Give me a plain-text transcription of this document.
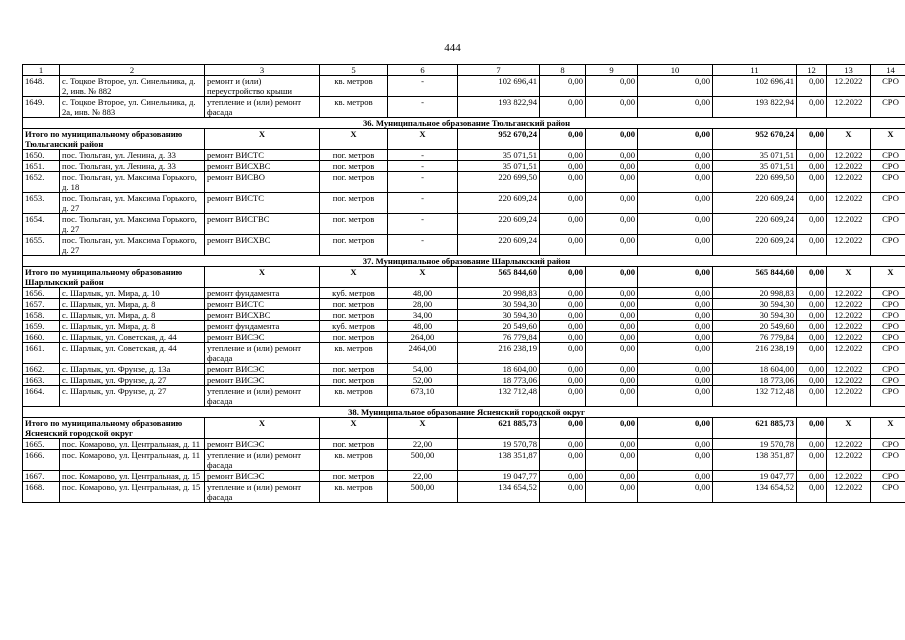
444
1	2	3	5	6	7	8	9	10	11	12	13	14
1648.	с. Тоцкое Второе, ул. Синельника, д. 2, инв. № 882	ремонт и (или) переустройство крыши	кв. метров	-	102 696,41	0,00	0,00	0,00	102 696,41	0,00	12.2022	СРО
1649.	с. Тоцкое Второе, ул. Синельника, д. 2а, инв. № 883	утепление и (или) ремонт фасада	кв. метров	-	193 822,94	0,00	0,00	0,00	193 822,94	0,00	12.2022	СРО
36. Муниципальное образование Тюльганский район												
Итого по муниципальному образованию Тюльганский район		Х	Х	Х	952 670,24	0,00	0,00	0,00	952 670,24	0,00	Х	Х
1650.	пос. Тюльган, ул. Ленина, д. 33	ремонт ВИСТС	пог. метров	-	35 071,51	0,00	0,00	0,00	35 071,51	0,00	12.2022	СРО
1651.	пос. Тюльган, ул. Ленина, д. 33	ремонт ВИСХВС	пог. метров	-	35 071,51	0,00	0,00	0,00	35 071,51	0,00	12.2022	СРО
1652.	пос. Тюльган, ул. Максима Горького, д. 18	ремонт ВИСВО	пог. метров	-	220 699,50	0,00	0,00	0,00	220 699,50	0,00	12.2022	СРО
1653.	пос. Тюльган, ул. Максима Горького, д. 27	ремонт ВИСТС	пог. метров	-	220 609,24	0,00	0,00	0,00	220 609,24	0,00	12.2022	СРО
1654.	пос. Тюльган, ул. Максима Горького, д. 27	ремонт ВИСГВС	пог. метров	-	220 609,24	0,00	0,00	0,00	220 609,24	0,00	12.2022	СРО
1655.	пос. Тюльган, ул. Максима Горького, д. 27	ремонт ВИСХВС	пог. метров	-	220 609,24	0,00	0,00	0,00	220 609,24	0,00	12.2022	СРО
37. Муниципальное образование Шарлыкский район												
Итого по муниципальному образованию Шарлыкский район		Х	Х	Х	565 844,60	0,00	0,00	0,00	565 844,60	0,00	Х	Х
1656.	с. Шарлык, ул. Мира, д. 10	ремонт фундамента	куб. метров	48,00	20 998,83	0,00	0,00	0,00	20 998,83	0,00	12.2022	СРО
1657.	с. Шарлык, ул. Мира, д. 8	ремонт ВИСТС	пог. метров	28,00	30 594,30	0,00	0,00	0,00	30 594,30	0,00	12.2022	СРО
1658.	с. Шарлык, ул. Мира, д. 8	ремонт ВИСХВС	пог. метров	34,00	30 594,30	0,00	0,00	0,00	30 594,30	0,00	12.2022	СРО
1659.	с. Шарлык, ул. Мира, д. 8	ремонт фундамента	куб. метров	48,00	20 549,60	0,00	0,00	0,00	20 549,60	0,00	12.2022	СРО
1660.	с. Шарлык, ул. Советская, д. 44	ремонт ВИСЭС	пог. метров	264,00	76 779,84	0,00	0,00	0,00	76 779,84	0,00	12.2022	СРО
1661.	с. Шарлык, ул. Советская, д. 44	утепление и (или) ремонт фасада	кв. метров	2464,00	216 238,19	0,00	0,00	0,00	216 238,19	0,00	12.2022	СРО
1662.	с. Шарлык, ул. Фрунзе, д. 13а	ремонт ВИСЭС	пог. метров	54,00	18 604,00	0,00	0,00	0,00	18 604,00	0,00	12.2022	СРО
1663.	с. Шарлык, ул. Фрунзе, д. 27	ремонт ВИСЭС	пог. метров	52,00	18 773,06	0,00	0,00	0,00	18 773,06	0,00	12.2022	СРО
1664.	с. Шарлык, ул. Фрунзе, д. 27	утепление и (или) ремонт фасада	кв. метров	673,10	132 712,48	0,00	0,00	0,00	132 712,48	0,00	12.2022	СРО
38. Муниципальное образование Ясненский городской округ												
Итого по муниципальному образованию Ясненский городской округ		Х	Х	Х	621 885,73	0,00	0,00	0,00	621 885,73	0,00	Х	Х
1665.	пос. Комарово, ул. Центральная, д. 11	ремонт ВИСЭС	пог. метров	22,00	19 570,78	0,00	0,00	0,00	19 570,78	0,00	12.2022	СРО
1666.	пос. Комарово, ул. Центральная, д. 11	утепление и (или) ремонт фасада	кв. метров	500,00	138 351,87	0,00	0,00	0,00	138 351,87	0,00	12.2022	СРО
1667.	пос. Комарово, ул. Центральная, д. 15	ремонт ВИСЭС	пог. метров	22,00	19 047,77	0,00	0,00	0,00	19 047,77	0,00	12.2022	СРО
1668.	пос. Комарово, ул. Центральная, д. 15	утепление и (или) ремонт фасада	кв. метров	500,00	134 654,52	0,00	0,00	0,00	134 654,52	0,00	12.2022	СРО
